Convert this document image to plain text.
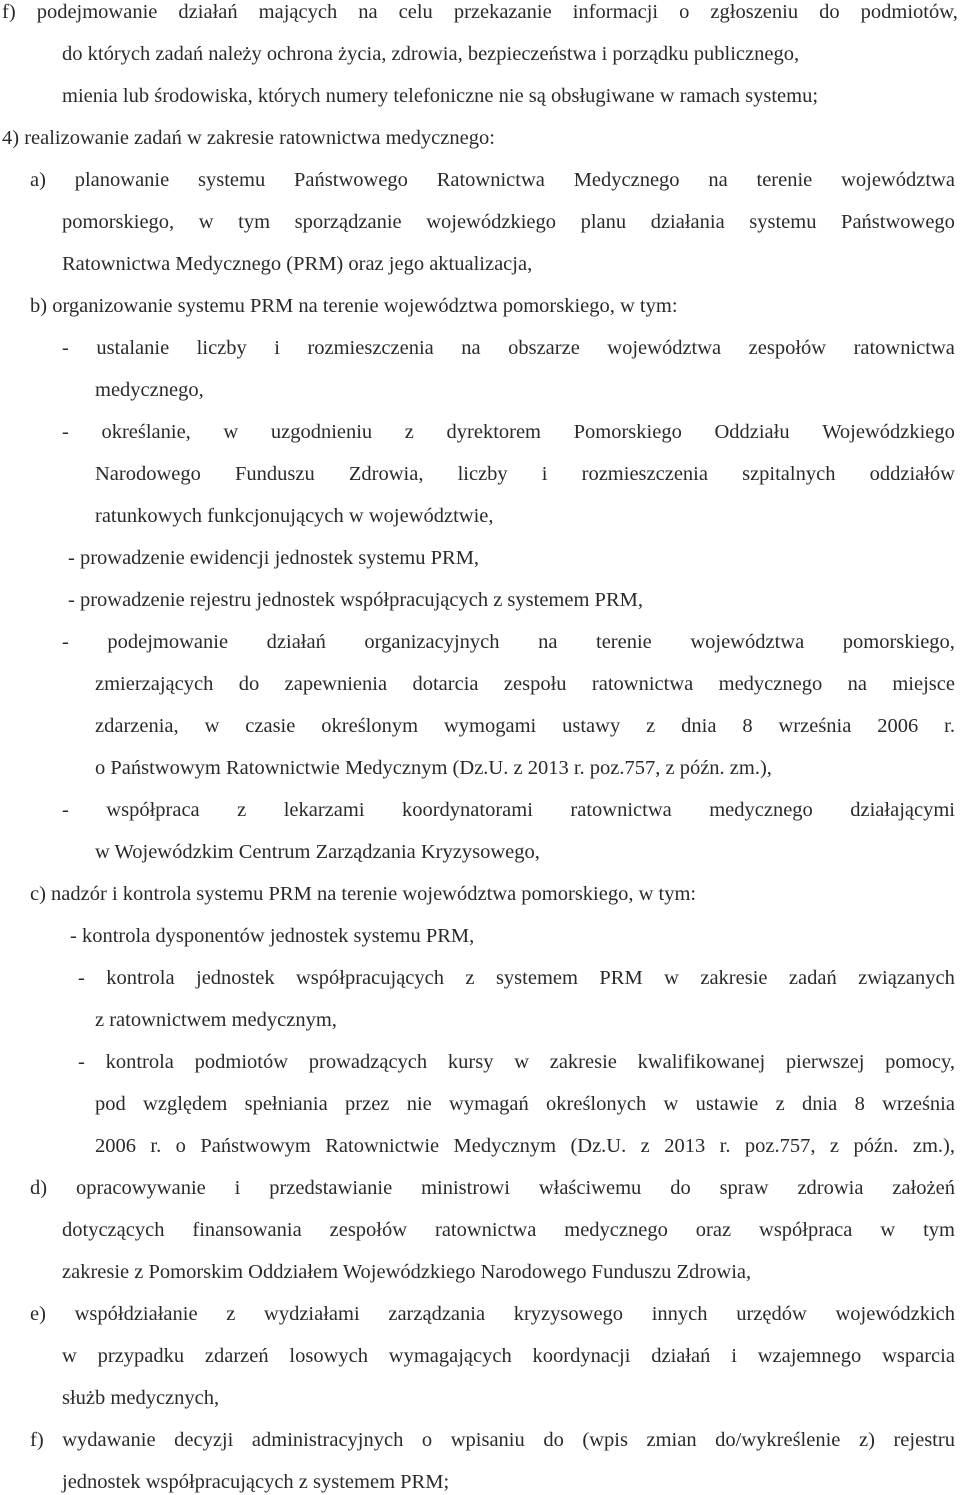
f) podejmowanie działań mających na celu przekazanie informacji o zgłoszeniu do podmiotów,
do których zadań należy ochrona życia, zdrowia, bezpieczeństwa i porządku publicznego,
mienia lub środowiska, których numery telefoniczne nie są obsługiwane w ramach systemu;
4) realizowanie zadań w zakresie ratownictwa medycznego:
a) planowanie systemu Państwowego Ratownictwa Medycznego na terenie województwa
pomorskiego, w tym sporządzanie wojewódzkiego planu działania systemu Państwowego
Ratownictwa Medycznego (PRM) oraz jego aktualizacja,
b) organizowanie systemu PRM na terenie województwa pomorskiego, w tym:
- ustalanie liczby i rozmieszczenia na obszarze województwa zespołów ratownictwa
medycznego,
- określanie, w uzgodnieniu z dyrektorem Pomorskiego Oddziału Wojewódzkiego
Narodowego Funduszu Zdrowia, liczby i rozmieszczenia szpitalnych oddziałów
ratunkowych funkcjonujących w województwie,
- prowadzenie ewidencji jednostek systemu PRM,
- prowadzenie rejestru jednostek współpracujących z systemem PRM,
- podejmowanie działań organizacyjnych na terenie województwa pomorskiego,
zmierzających do zapewnienia dotarcia zespołu ratownictwa medycznego na miejsce
zdarzenia, w czasie określonym wymogami ustawy z dnia 8 września 2006 r.
o Państwowym Ratownictwie Medycznym (Dz.U. z 2013 r. poz.757, z późn. zm.),
- współpraca z lekarzami koordynatorami ratownictwa medycznego działającymi
w Wojewódzkim Centrum Zarządzania Kryzysowego,
c) nadzór i kontrola systemu PRM na terenie województwa pomorskiego, w tym:
- kontrola dysponentów jednostek systemu PRM,
- kontrola jednostek współpracujących z systemem PRM w zakresie zadań związanych
z ratownictwem medycznym,
- kontrola podmiotów prowadzących kursy w zakresie kwalifikowanej pierwszej pomocy,
pod względem spełniania przez nie wymagań określonych w ustawie z dnia 8 września
2006 r. o Państwowym Ratownictwie Medycznym (Dz.U. z 2013 r. poz.757, z późn. zm.),
d) opracowywanie i przedstawianie ministrowi właściwemu do spraw zdrowia założeń
dotyczących finansowania zespołów ratownictwa medycznego oraz współpraca w tym
zakresie z Pomorskim Oddziałem Wojewódzkiego Narodowego Funduszu Zdrowia,
e) współdziałanie z wydziałami zarządzania kryzysowego innych urzędów wojewódzkich
w przypadku zdarzeń losowych wymagających koordynacji działań i wzajemnego wsparcia
służb medycznych,
f) wydawanie decyzji administracyjnych o wpisaniu do (wpis zmian do/wykreślenie z) rejestru
jednostek współpracujących z systemem PRM;
